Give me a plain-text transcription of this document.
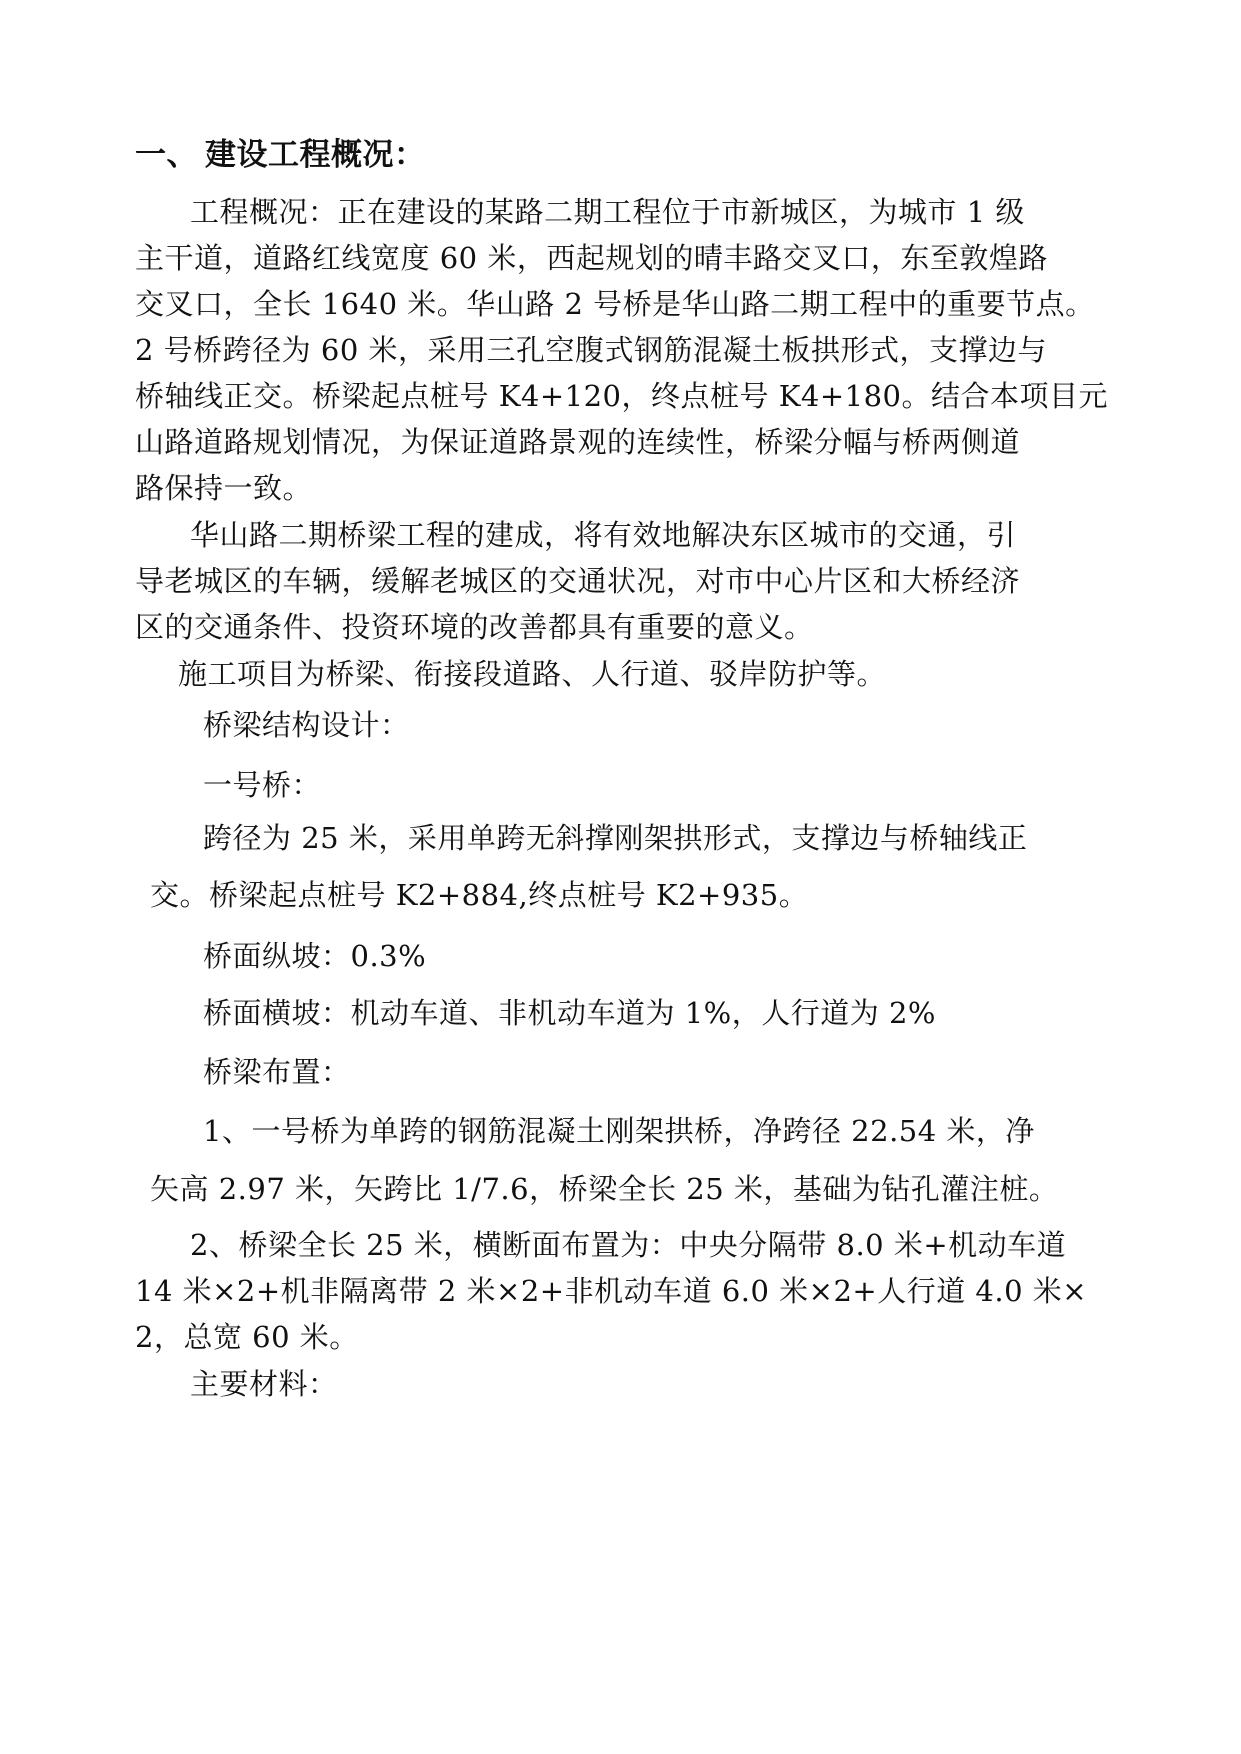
一、 建设工程概况：
工程概况：正在建设的某路二期工程位于市新城区，为城市 1 级
主干道，道路红线宽度 60 米，西起规划的晴丰路交叉口，东至敦煌路
交叉口，全长 1640 米。华山路 2 号桥是华山路二期工程中的重要节点。
2 号桥跨径为 60 米，采用三孔空腹式钢筋混凝土板拱形式，支撑边与
桥轴线正交。桥梁起点桩号 K4+120，终点桩号 K4+180。结合本项目元
山路道路规划情况，为保证道路景观的连续性，桥梁分幅与桥两侧道
路保持一致。
华山路二期桥梁工程的建成，将有效地解决东区城市的交通，引
导老城区的车辆，缓解老城区的交通状况，对市中心片区和大桥经济
区的交通条件、投资环境的改善都具有重要的意义。
施工项目为桥梁、衔接段道路、人行道、驳岸防护等。
桥梁结构设计：
一号桥：
跨径为 25 米，采用单跨无斜撑刚架拱形式，支撑边与桥轴线正
交。桥梁起点桩号 K2+884,终点桩号 K2+935。
桥面纵坡：0.3%
桥面横坡：机动车道、非机动车道为 1%，人行道为 2%
桥梁布置：
1、一号桥为单跨的钢筋混凝土刚架拱桥，净跨径 22.54 米，净
矢高 2.97 米，矢跨比 1/7.6，桥梁全长 25 米，基础为钻孔灌注桩。
2、桥梁全长 25 米，横断面布置为：中央分隔带 8.0 米+机动车道
14 米×2+机非隔离带 2 米×2+非机动车道 6.0 米×2+人行道 4.0 米×
2，总宽 60 米。
主要材料：
